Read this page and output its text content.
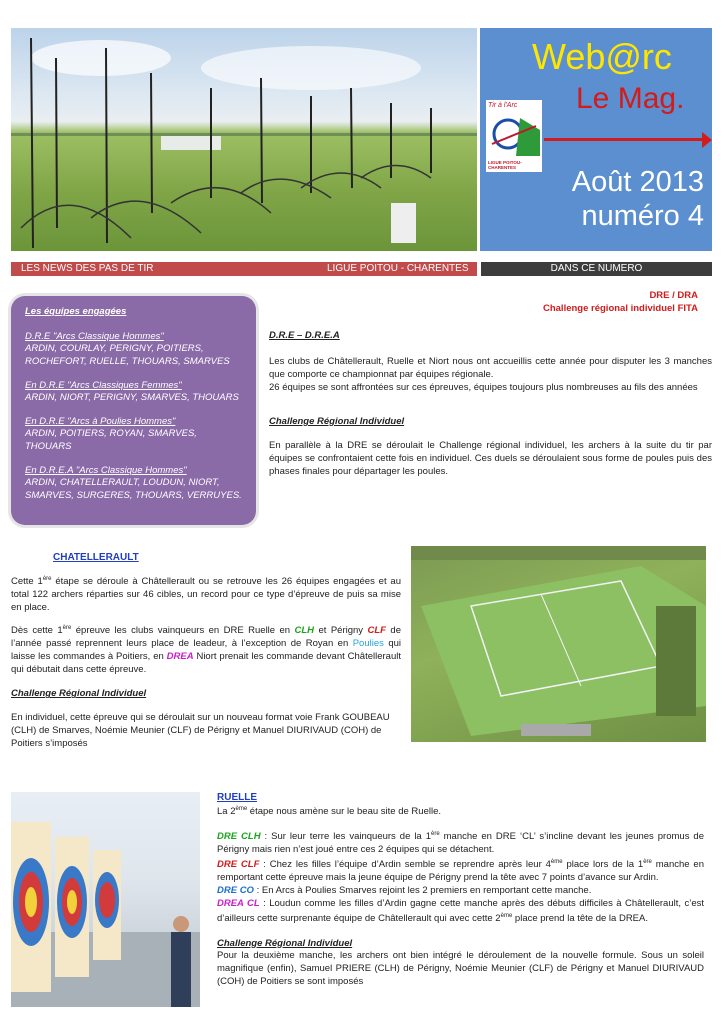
Web@rc
Le Mag.
Tir à l'Arc
LIGUE POITOU-CHARENTES	Août 2013
numéro 4
LES NEWS DES PAS DE TIR	LIGUE POITOU - CHARENTES	DANS CE NUMERO
DRE / DRA
Challenge régional individuel FITA
Les équipes engagées
D.R.E "Arcs Classique Hommes"
ARDIN, COURLAY, PERIGNY, POITIERS,
ROCHEFORT, RUELLE, THOUARS, SMARVES
En D.R.E "Arcs Classiques Femmes"
ARDIN, NIORT, PERIGNY, SMARVES, THOUARS
En D.R.E "Arcs à Poulies Hommes"
ARDIN, POITIERS, ROYAN, SMARVES, THOUARS
En D.R.E.A "Arcs Classique Hommes"
ARDIN, CHATELLERAULT, LOUDUN, NIORT,
SMARVES, SURGERES, THOUARS, VERRUYES.
D.R.E – D.R.E.A
Les clubs de Châtellerault, Ruelle et Niort nous ont accueillis cette année pour disputer les 3 manches que comporte ce championnat par équipes régionale.
26 équipes se sont affrontées sur ces épreuves, équipes toujours plus nombreuses au fils des années
Challenge Régional Individuel
En parallèle à la DRE se déroulait le Challenge régional individuel, les archers à la suite du tir par équipes se confrontaient cette fois en individuel. Ces duels se déroulaient sous forme de poules puis des phases finales pour départager les poules.
CHATELLERAULT
Cette 1ère étape se déroule à Châtellerault ou se retrouve les 26 équipes engagées et au total 122 archers réparties sur 46 cibles, un record pour ce type d’épreuve de puis sa mise en place.
Dès cette 1ère épreuve les clubs vainqueurs en DRE Ruelle en CLH et Périgny CLF de l’année passé reprennent leurs place de leadeur, à l’exception de Royan en Poulies qui laisse les commandes à Poitiers, en DREA Niort prenait les commande devant Châtellerault qui débutait dans cette épreuve.
Challenge Régional Individuel
En individuel, cette épreuve qui se déroulait sur un nouveau format voie Frank GOUBEAU (CLH) de Smarves, Noémie Meunier (CLF) de Périgny et Manuel DIURIVAUD (COH) de Poitiers s’imposés
RUELLE
La 2ème étape nous amène sur le beau site de Ruelle.
DRE CLH : Sur leur terre les vainqueurs de la 1ère manche en DRE ‘CL’ s’incline devant les jeunes promus de Périgny mais rien n’est joué entre ces 2 équipes qui se détachent.
DRE CLF : Chez les filles l’équipe d’Ardin semble se reprendre après leur 4ème place lors de la 1ère manche en remportant cette épreuve mais la jeune équipe de Périgny prend la tête avec 7 points d’avance sur Ardin.
DRE CO : En Arcs à Poulies Smarves rejoint les 2 premiers en remportant cette manche.
DREA CL : Loudun comme les filles d’Ardin gagne cette manche après des débuts difficiles à Châtellerault, c’est d’ailleurs cette surprenante équipe de Châtellerault qui avec cette 2ème place prend la tête de la DREA.
Challenge Régional Individuel
Pour la deuxième manche, les archers ont bien intégré le déroulement de la nouvelle formule. Sous un soleil magnifique (enfin), Samuel PRIERE (CLH) de Périgny, Noémie Meunier (CLF) de Périgny et Manuel DIURIVAUD (COH) de Poitiers se sont imposés
